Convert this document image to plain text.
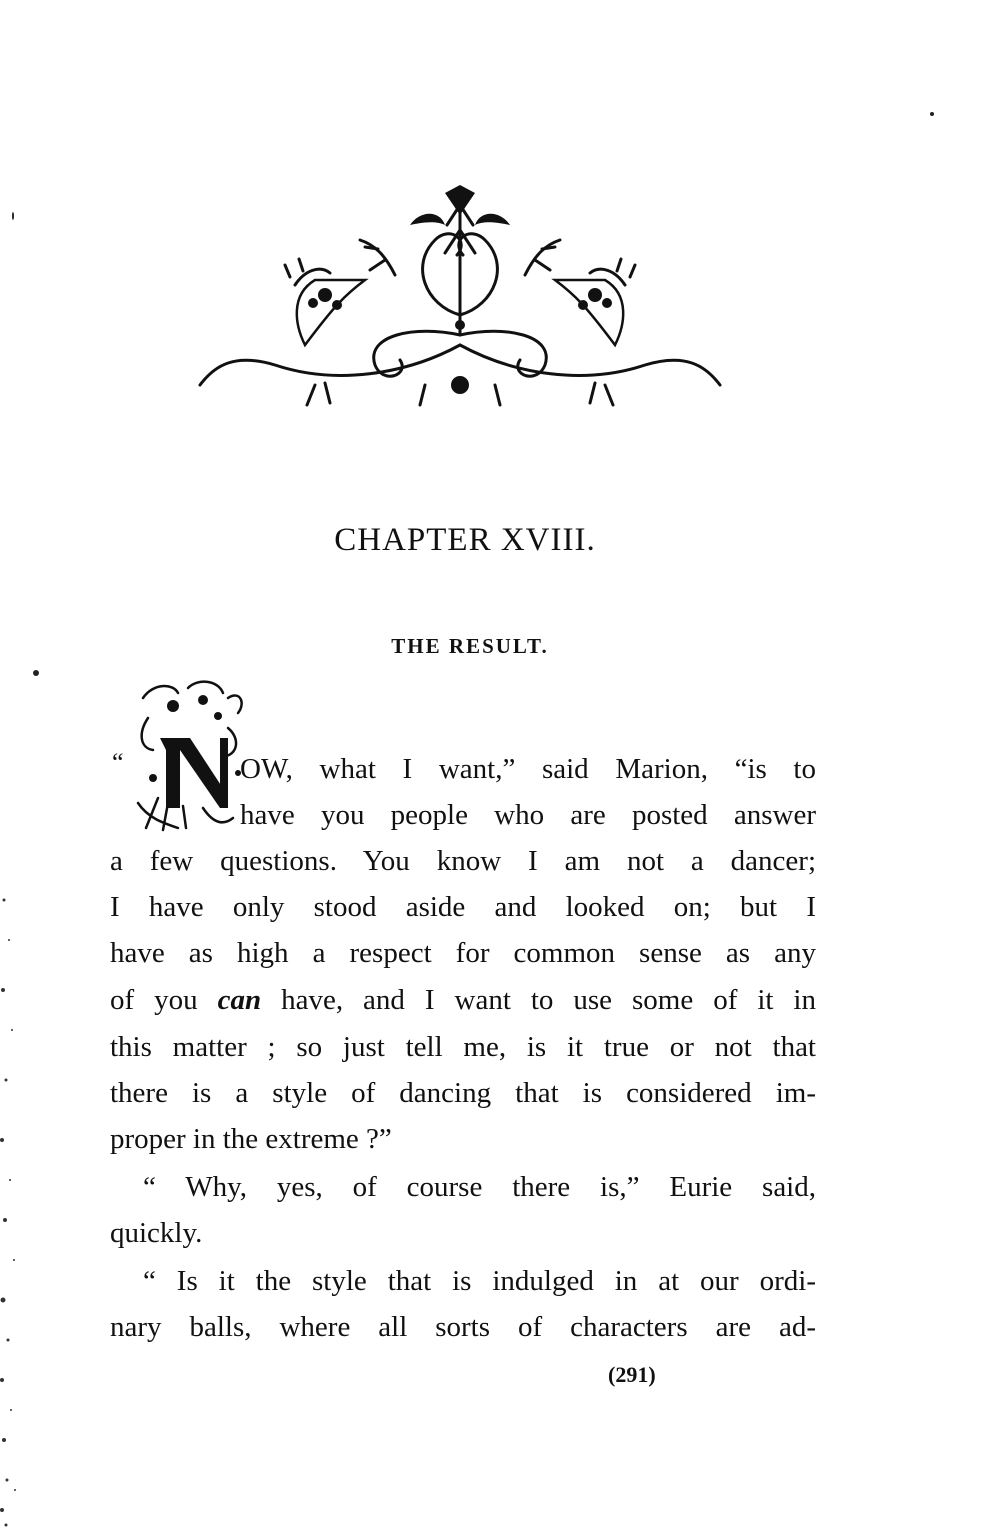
CHAPTER XVIII.
THE RESULT.
“	OW, what I want,” said Marion, “is to
have you people who are posted answer
a few questions. You know I am not a dancer;
I have only stood aside and looked on; but I
have as high a respect for common sense as any
of you can have, and I want to use some of it in
this matter ; so just tell me, is it true or not that
there is a style of dancing that is considered im-
proper in the extreme ?”
“ Why, yes, of course there is,” Eurie said,
quickly.
“ Is it the style that is indulged in at our ordi-
nary balls, where all sorts of characters are ad-
(291)
